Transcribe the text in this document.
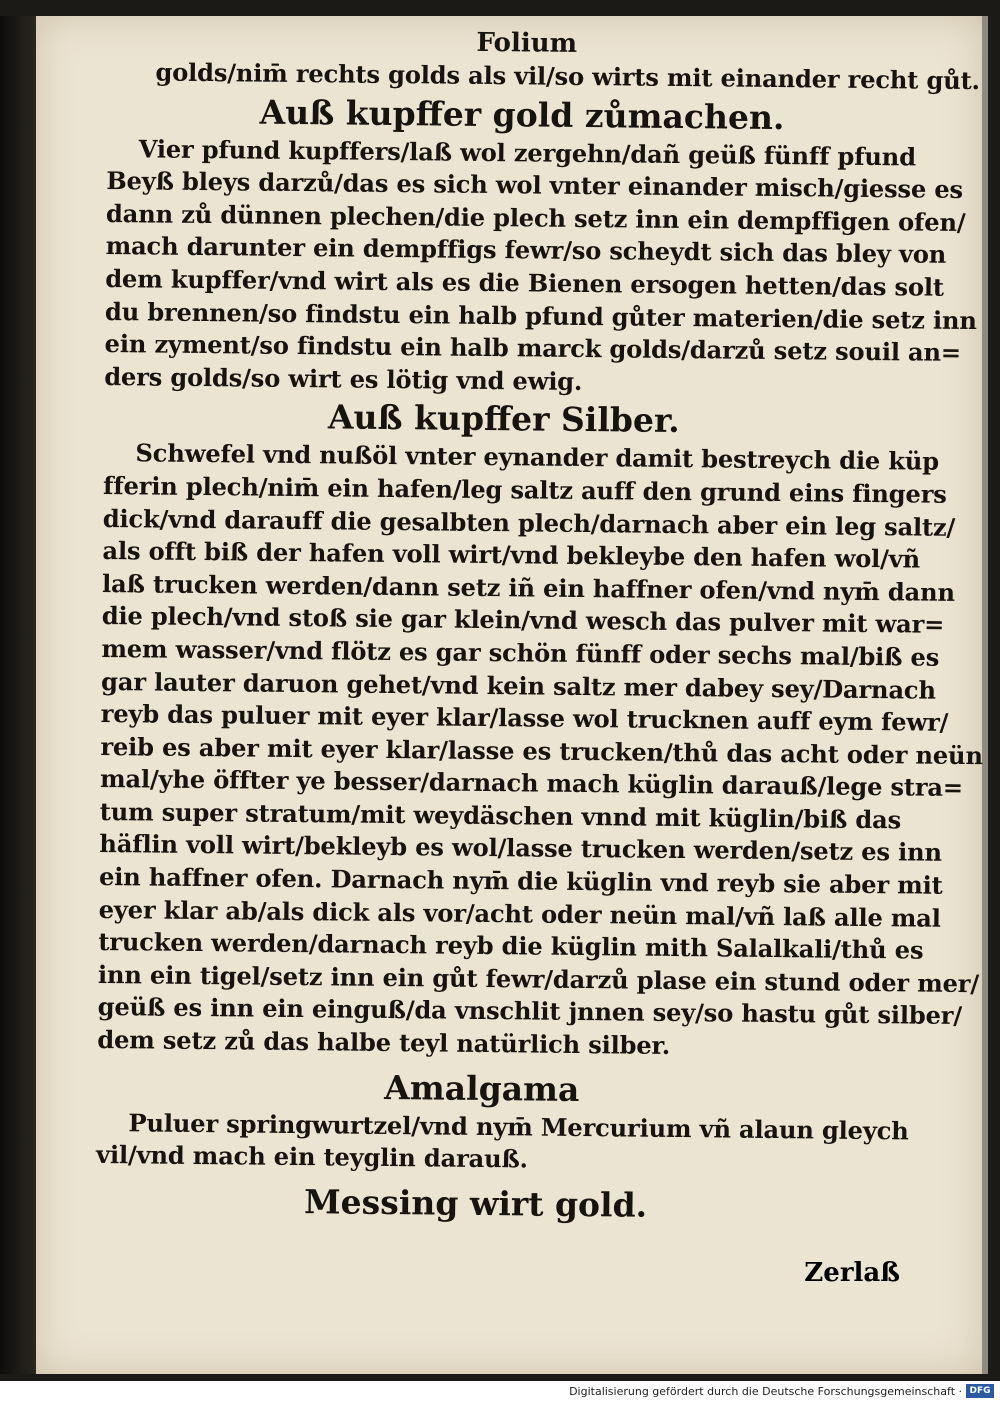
Folium
golds/nim̄ rechts golds als vil/so wirts mit einander recht gůt.
Auß kupffer gold zůmachen.
Vier pfund kupffers/laß wol zergehn/dañ geüß fünff pfund
Beyß bleys darzů/das es sich wol vnter einander misch/giesse es
dann zů dünnen plechen/die plech setz inn ein dempffigen ofen/
mach darunter ein dempffigs fewr/so scheydt sich das bley von
dem kupffer/vnd wirt als es die Bienen ersogen hetten/das solt
du brennen/so findstu ein halb pfund gůter materien/die setz inn
ein zyment/so findstu ein halb marck golds/darzů setz souil an=
ders golds/so wirt es lötig vnd ewig.
Auß kupffer Silber.
Schwefel vnd nußöl vnter eynander damit bestreych die küp
fferin plech/nim̄ ein hafen/leg saltz auff den grund eins fingers
dick/vnd darauff die gesalbten plech/darnach aber ein leg saltz/
als offt biß der hafen voll wirt/vnd bekleybe den hafen wol/vñ
laß trucken werden/dann setz iñ ein haffner ofen/vnd nym̄ dann
die plech/vnd stoß sie gar klein/vnd wesch das pulver mit war=
mem wasser/vnd flötz es gar schön fünff oder sechs mal/biß es
gar lauter daruon gehet/vnd kein saltz mer dabey sey/Darnach
reyb das puluer mit eyer klar/lasse wol trucknen auff eym fewr/
reib es aber mit eyer klar/lasse es trucken/thů das acht oder neün
mal/yhe öffter ye besser/darnach mach küglin darauß/lege stra=
tum super stratum/mit weydäschen vnnd mit küglin/biß das
häflin voll wirt/bekleyb es wol/lasse trucken werden/setz es inn
ein haffner ofen. Darnach nym̄ die küglin vnd reyb sie aber mit
eyer klar ab/als dick als vor/acht oder neün mal/vñ laß alle mal
trucken werden/darnach reyb die küglin mith Salalkali/thů es
inn ein tigel/setz inn ein gůt fewr/darzů plase ein stund oder mer/
geüß es inn ein einguß/da vnschlit jnnen sey/so hastu gůt silber/
dem setz zů das halbe teyl natürlich silber.
Amalgama
Puluer springwurtzel/vnd nym̄ Mercurium vñ alaun gleych
vil/vnd mach ein teyglin darauß.
Messing wirt gold.
Zerlaß
Digitalisierung gefördert durch die Deutsche Forschungsgemeinschaft · DFG
